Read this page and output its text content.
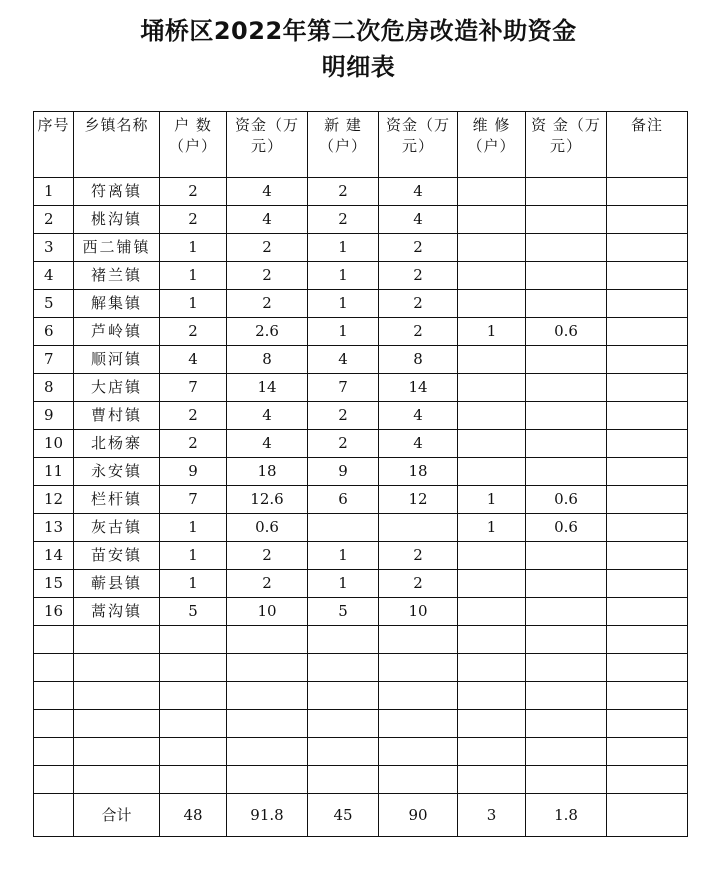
埇桥区2022年第二次危房改造补助资金
明细表
序号	乡镇名称	户 数（户）	资金（万元）	新 建（户）	资金（万元）	维 修（户）	资 金（万元）	备注
1	符离镇	2	4	2	4			
2	桃沟镇	2	4	2	4			
3	西二铺镇	1	2	1	2			
4	褚兰镇	1	2	1	2			
5	解集镇	1	2	1	2			
6	芦岭镇	2	2.6	1	2	1	0.6	
7	顺河镇	4	8	4	8			
8	大店镇	7	14	7	14			
9	曹村镇	2	4	2	4			
10	北杨寨	2	4	2	4			
11	永安镇	9	18	9	18			
12	栏杆镇	7	12.6	6	12	1	0.6	
13	灰古镇	1	0.6			1	0.6	
14	苗安镇	1	2	1	2			
15	蕲县镇	1	2	1	2			
16	蒿沟镇	5	10	5	10			

	合计	48	91.8	45	90	3	1.8	
